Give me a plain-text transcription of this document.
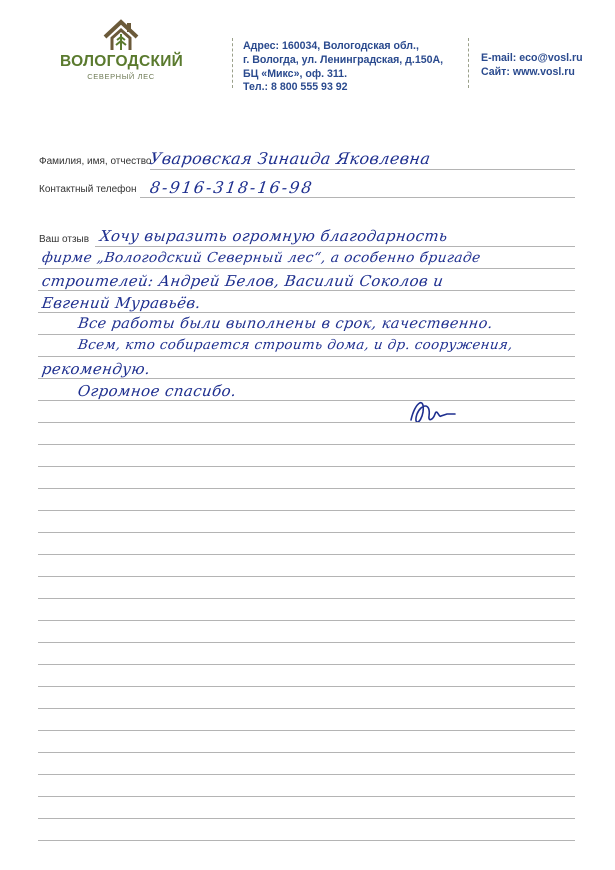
ВОЛОГОДСКИЙ
СЕВЕРНЫЙ ЛЕС
Адрес: 160034, Вологодская обл.,
г. Вологда, ул. Ленинградская, д.150А,
БЦ «Микс», оф. 311.
Тел.: 8 800 555 93 92
E-mail: eco@vosl.ru
Сайт: www.vosl.ru
Фамилия, имя, отчество
Контактный телефон
Ваш отзыв
Уваровская Зинаида Яковлевна
8-916-318-16-98
Хочу выразить огромную благодарность
фирме „Вологодский Северный лес“, а особенно бригаде
строителей: Андрей Белов, Василий Соколов и
Евгений Муравьёв.
Все работы были выполнены в срок, качественно.
Всем, кто собирается строить дома, и др. сооружения,
рекомендую.
Огромное спасибо.
